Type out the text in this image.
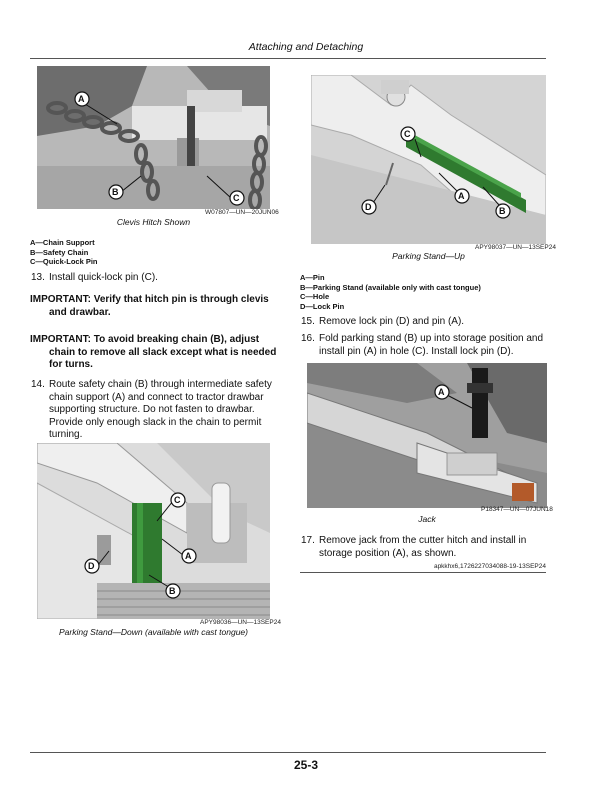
Attaching and Detaching
A
B
C
W07807—UN—20JUN06
Clevis Hitch Shown
A—Chain Support
B—Safety Chain
C—Quick-Lock Pin
13. Install quick-lock pin (C).
IMPORTANT: Verify that hitch pin is through clevis
and drawbar.
IMPORTANT: To avoid breaking chain (B), adjust
chain to remove all slack except what is needed
for turns.
14. Route safety chain (B) through intermediate safety chain support (A) and connect to tractor drawbar supporting structure. Do not fasten to drawbar. Provide only enough slack in the chain to permit turning.
C
D
A
B
APY98036—UN—13SEP24
Parking Stand—Down (available with cast tongue)
C
A
B
D
APY98037—UN—13SEP24
Parking Stand—Up
A—Pin
B—Parking Stand (available only with cast tongue)
C—Hole
D—Lock Pin
15. Remove lock pin (D) and pin (A).
16. Fold parking stand (B) up into storage position and install pin (A) in hole (C). Install lock pin (D).
A
P18347—UN—07JUN18
Jack
17. Remove jack from the cutter hitch and install in storage position (A), as shown.
apkkhx6,1726227034088-19-13SEP24
25-3
